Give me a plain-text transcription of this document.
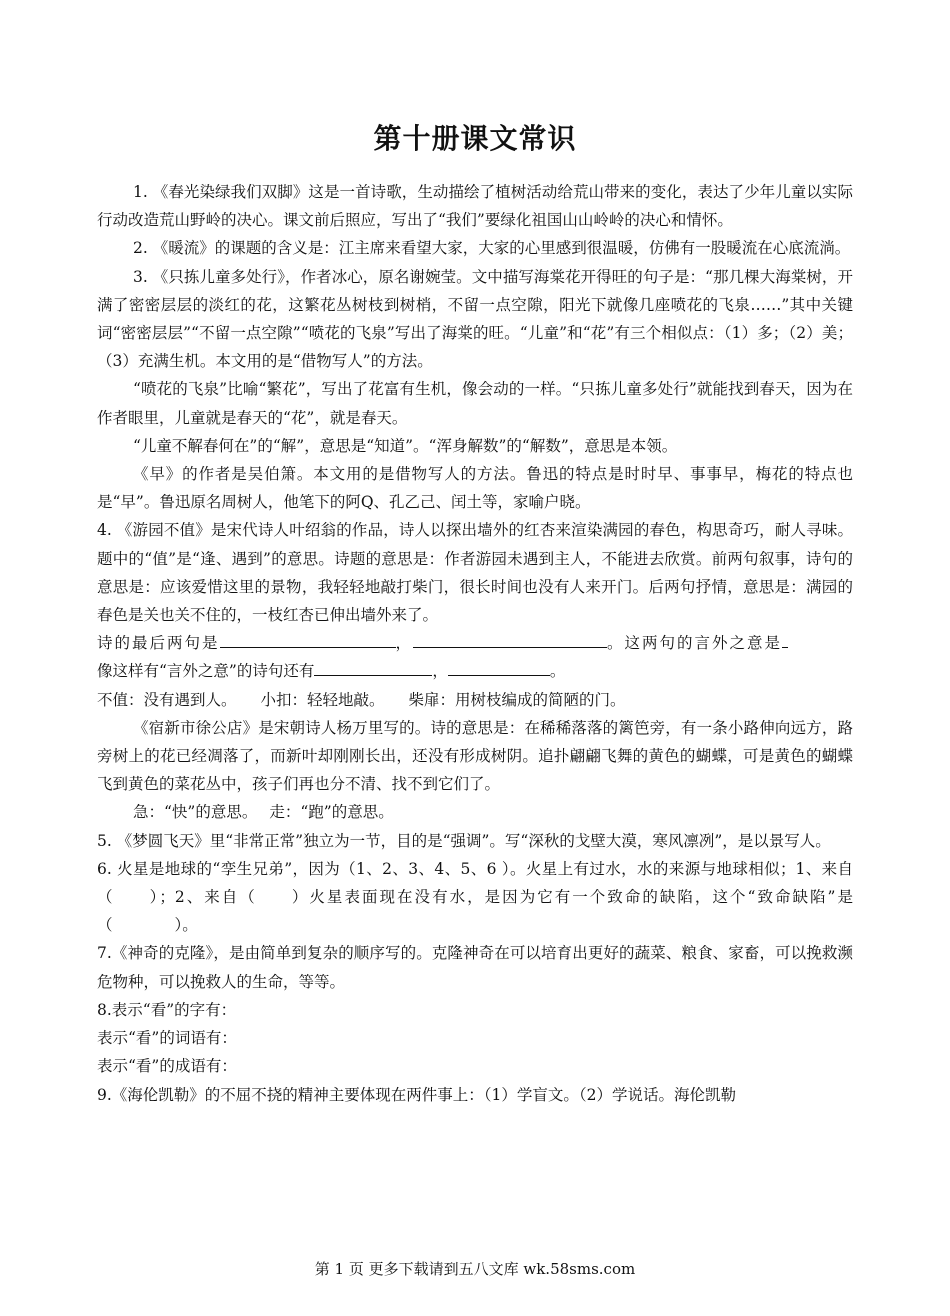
第十册课文常识

1. 《春光染绿我们双脚》这是一首诗歌，生动描绘了植树活动给荒山带来的变化，表达了少年儿童以实际行动改造荒山野岭的决心。课文前后照应，写出了“我们”要绿化祖国山山岭岭的决心和情怀。

2. 《暖流》的课题的含义是：江主席来看望大家，大家的心里感到很温暖，仿佛有一股暖流在心底流淌。

3. 《只拣儿童多处行》，作者冰心，原名谢婉莹。文中描写海棠花开得旺的句子是：“那几棵大海棠树，开满了密密层层的淡红的花，这繁花丛树枝到树梢，不留一点空隙，阳光下就像几座喷花的飞泉……”其中关键词“密密层层”“不留一点空隙”“喷花的飞泉”写出了海棠的旺。“儿童”和“花”有三个相似点：（1）多；（2）美；（3）充满生机。本文用的是“借物写人”的方法。

“喷花的飞泉”比喻“繁花”，写出了花富有生机，像会动的一样。“只拣儿童多处行”就能找到春天，因为在作者眼里，儿童就是春天的“花”，就是春天。

“儿童不解春何在”的“解”，意思是“知道”。“浑身解数”的“解数”，意思是本领。

《早》的作者是吴伯箫。本文用的是借物写人的方法。鲁迅的特点是时时早、事事早，梅花的特点也是“早”。鲁迅原名周树人，他笔下的阿Q、孔乙己、闰土等，家喻户晓。

4. 《游园不值》是宋代诗人叶绍翁的作品，诗人以探出墙外的红杏来渲染满园的春色，构思奇巧，耐人寻味。题中的“值”是“逢、遇到”的意思。诗题的意思是：作者游园未遇到主人，不能进去欣赏。前两句叙事，诗句的意思是：应该爱惜这里的景物，我轻轻地敲打柴门，很长时间也没有人来开门。后两句抒情，意思是：满园的春色是关也关不住的，一枝红杏已伸出墙外来了。

诗的最后两句是	，	。这两句的言外之意是

像这样有“言外之意”的诗句还有	，	。

不值：没有遇到人。 小扣：轻轻地敲。 柴扉：用树枝编成的简陋的门。

《宿新市徐公店》是宋朝诗人杨万里写的。诗的意思是：在稀稀落落的篱笆旁，有一条小路伸向远方，路旁树上的花已经凋落了，而新叶却刚刚长出，还没有形成树阴。追扑翩翩飞舞的黄色的蝴蝶，可是黄色的蝴蝶飞到黄色的菜花丛中，孩子们再也分不清、找不到它们了。

急：“快”的意思。 走：“跑”的意思。

5. 《梦圆飞天》里“非常正常”独立为一节，目的是“强调”。写“深秋的戈壁大漠，寒风凛冽”，是以景写人。

6. 火星是地球的“孪生兄弟”，因为（1、2、3、4、5、6 ）。火星上有过水，水的来源与地球相似；1、来自（　　）；2、来自（　　）火星表面现在没有水，是因为它有一个致命的缺陷，这个“致命缺陷”是（　　　　）。

7.《神奇的克隆》，是由简单到复杂的顺序写的。克隆神奇在可以培育出更好的蔬菜、粮食、家畜，可以挽救濒危物种，可以挽救人的生命，等等。

8.表示“看”的字有：

表示“看”的词语有：

表示“看”的成语有：

9.《海伦凯勒》的不屈不挠的精神主要体现在两件事上：（1）学盲文。（2）学说话。海伦凯勒

第 1 页 更多下载请到五八文库 wk.58sms.com
